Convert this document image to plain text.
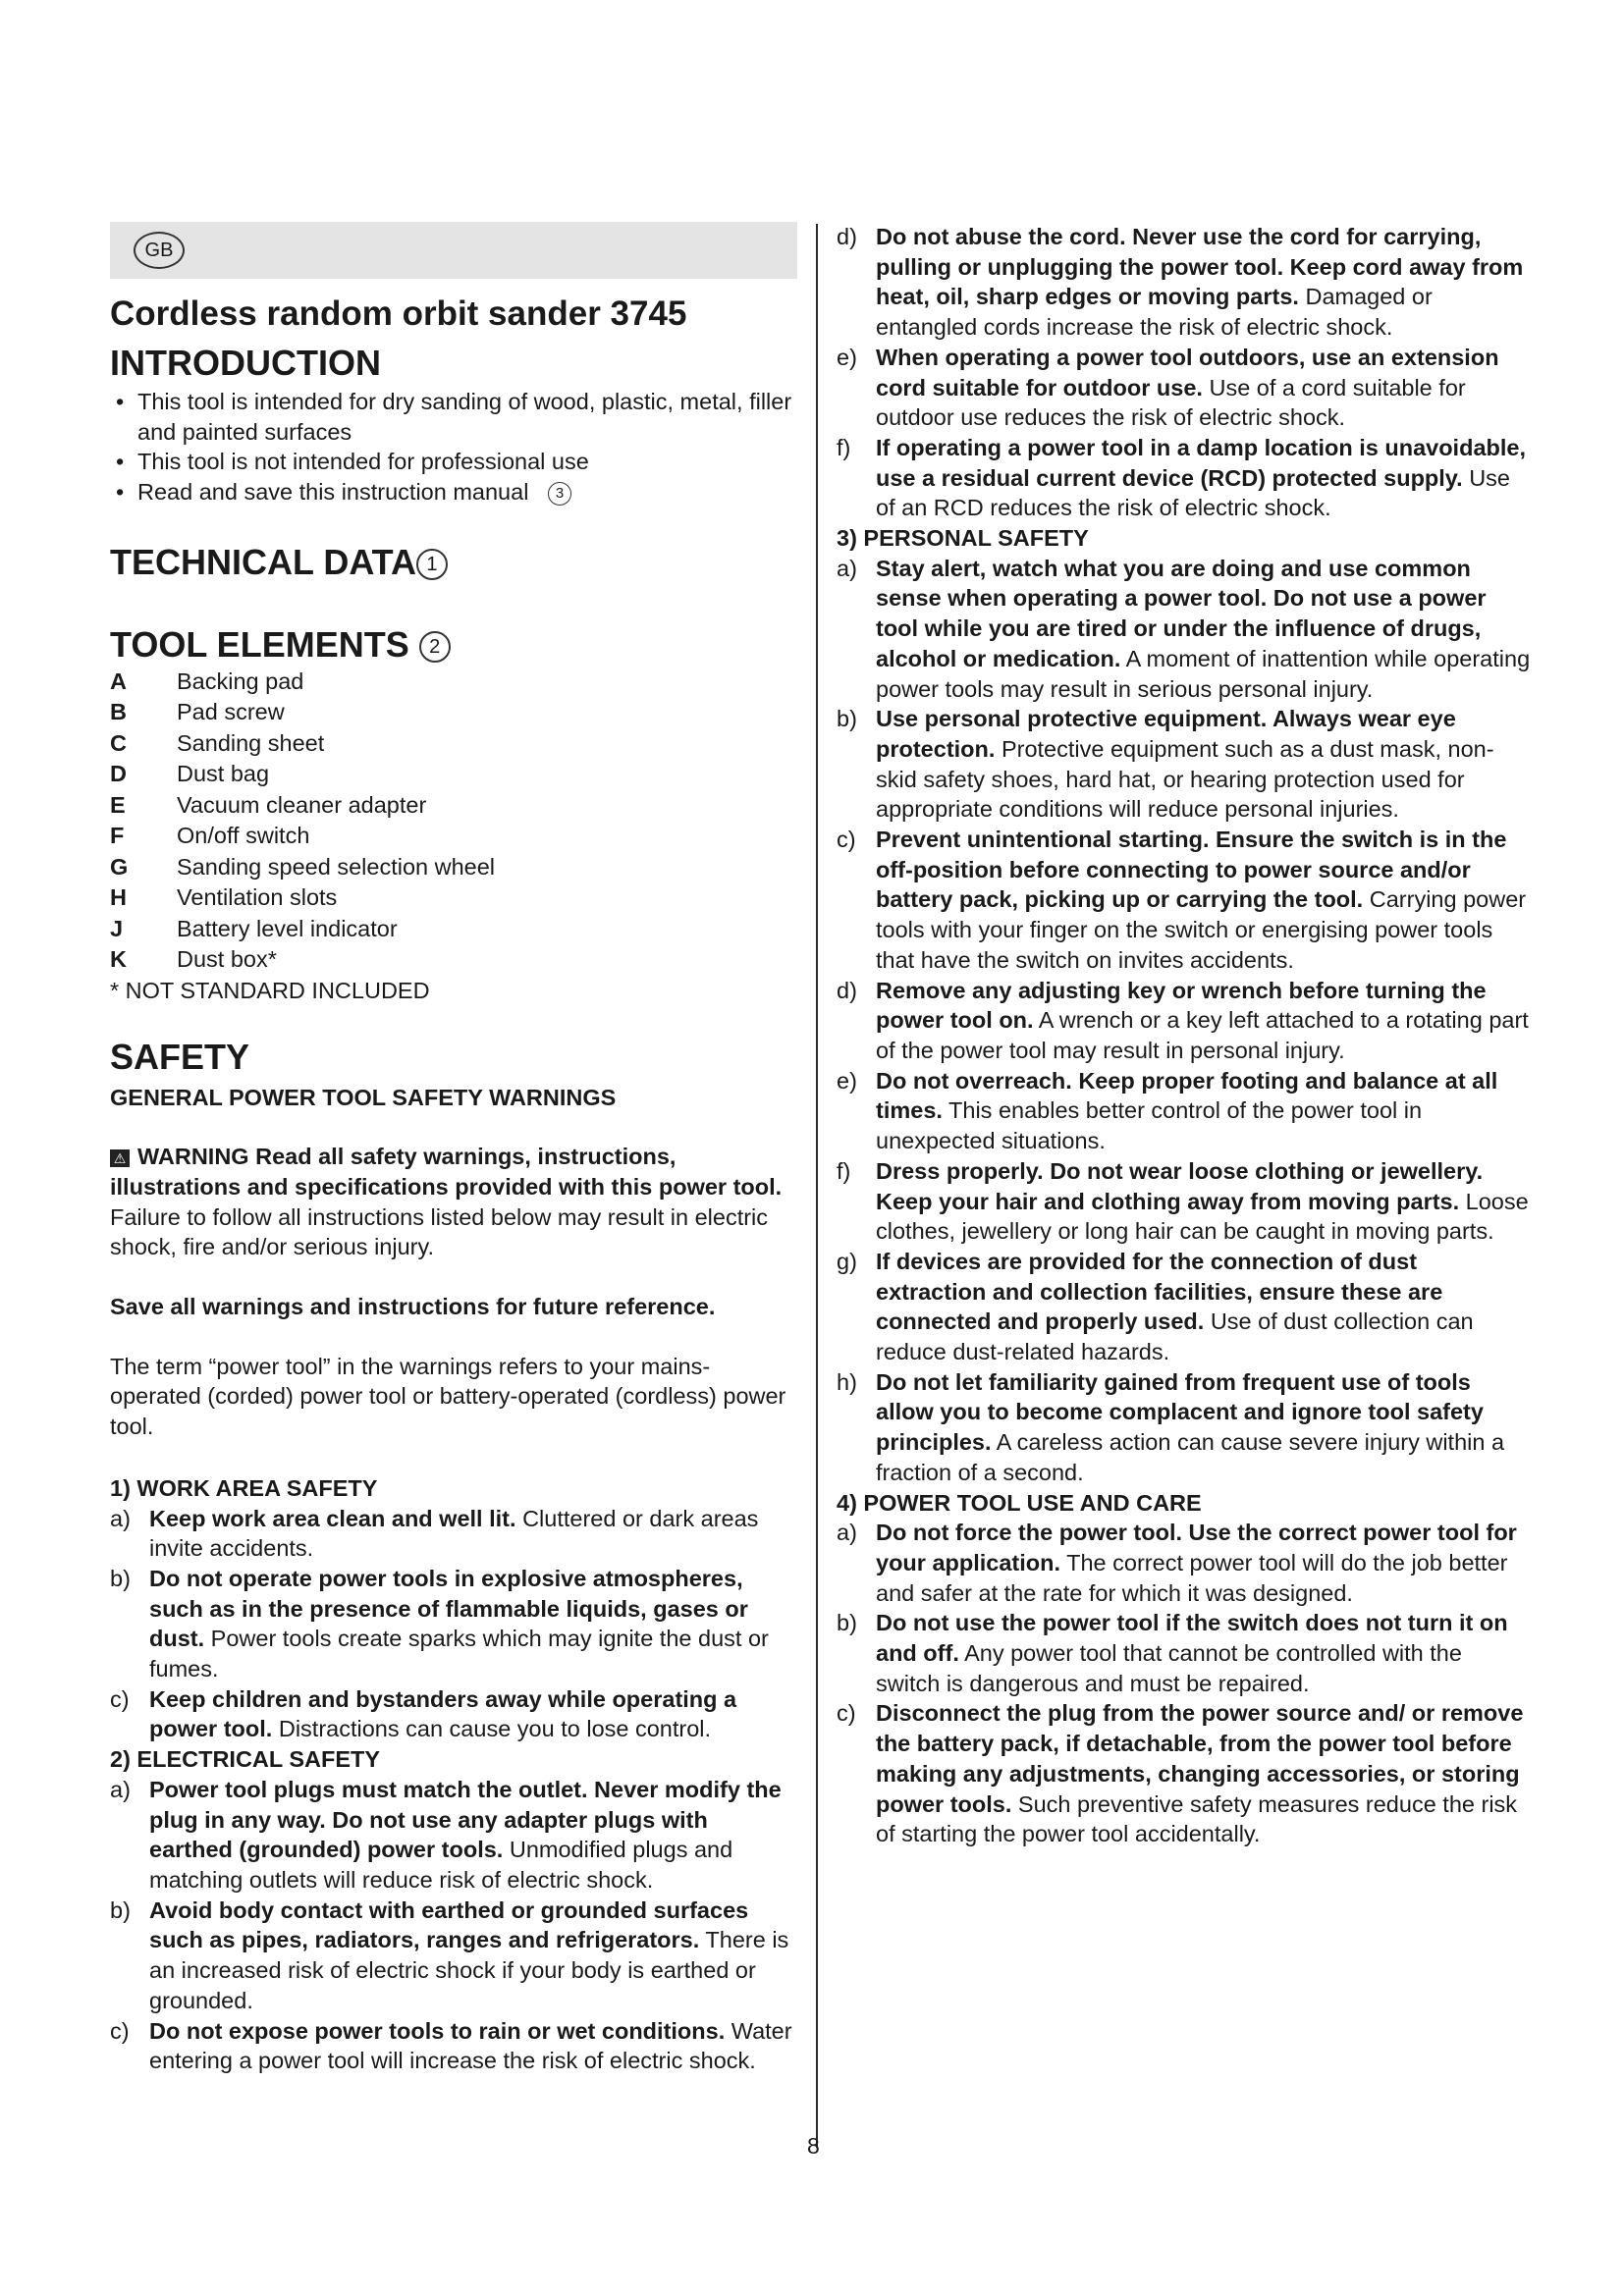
GB
Cordless random orbit sander 3745
INTRODUCTION
• This tool is intended for dry sanding of wood, plastic, metal, filler and painted surfaces
• This tool is not intended for professional use
• Read and save this instruction manual 3
TECHNICAL DATA 1
TOOL ELEMENTS 2
A	Backing pad
B	Pad screw
C	Sanding sheet
D	Dust bag
E	Vacuum cleaner adapter
F	On/off switch
G	Sanding speed selection wheel
H	Ventilation slots
J	Battery level indicator
K	Dust box*
* NOT STANDARD INCLUDED
SAFETY
GENERAL POWER TOOL SAFETY WARNINGS
⚠ WARNING Read all safety warnings, instructions, illustrations and specifications provided with this power tool. Failure to follow all instructions listed below may result in electric shock, fire and/or serious injury.
Save all warnings and instructions for future reference.
The term “power tool” in the warnings refers to your mains-operated (corded) power tool or battery-operated (cordless) power tool.
1) WORK AREA SAFETY
a) Keep work area clean and well lit. Cluttered or dark areas invite accidents.
b) Do not operate power tools in explosive atmospheres, such as in the presence of flammable liquids, gases or dust. Power tools create sparks which may ignite the dust or fumes.
c) Keep children and bystanders away while operating a power tool. Distractions can cause you to lose control.
2) ELECTRICAL SAFETY
a) Power tool plugs must match the outlet. Never modify the plug in any way. Do not use any adapter plugs with earthed (grounded) power tools. Unmodified plugs and matching outlets will reduce risk of electric shock.
b) Avoid body contact with earthed or grounded surfaces such as pipes, radiators, ranges and refrigerators. There is an increased risk of electric shock if your body is earthed or grounded.
c) Do not expose power tools to rain or wet conditions. Water entering a power tool will increase the risk of electric shock.
d) Do not abuse the cord. Never use the cord for carrying, pulling or unplugging the power tool. Keep cord away from heat, oil, sharp edges or moving parts. Damaged or entangled cords increase the risk of electric shock.
e) When operating a power tool outdoors, use an extension cord suitable for outdoor use. Use of a cord suitable for outdoor use reduces the risk of electric shock.
f) If operating a power tool in a damp location is unavoidable, use a residual current device (RCD) protected supply. Use of an RCD reduces the risk of electric shock.
3) PERSONAL SAFETY
a) Stay alert, watch what you are doing and use common sense when operating a power tool. Do not use a power tool while you are tired or under the influence of drugs, alcohol or medication. A moment of inattention while operating power tools may result in serious personal injury.
b) Use personal protective equipment. Always wear eye protection. Protective equipment such as a dust mask, non-skid safety shoes, hard hat, or hearing protection used for appropriate conditions will reduce personal injuries.
c) Prevent unintentional starting. Ensure the switch is in the off-position before connecting to power source and/or battery pack, picking up or carrying the tool. Carrying power tools with your finger on the switch or energising power tools that have the switch on invites accidents.
d) Remove any adjusting key or wrench before turning the power tool on. A wrench or a key left attached to a rotating part of the power tool may result in personal injury.
e) Do not overreach. Keep proper footing and balance at all times. This enables better control of the power tool in unexpected situations.
f) Dress properly. Do not wear loose clothing or jewellery. Keep your hair and clothing away from moving parts. Loose clothes, jewellery or long hair can be caught in moving parts.
g) If devices are provided for the connection of dust extraction and collection facilities, ensure these are connected and properly used. Use of dust collection can reduce dust-related hazards.
h) Do not let familiarity gained from frequent use of tools allow you to become complacent and ignore tool safety principles. A careless action can cause severe injury within a fraction of a second.
4) POWER TOOL USE AND CARE
a) Do not force the power tool. Use the correct power tool for your application. The correct power tool will do the job better and safer at the rate for which it was designed.
b) Do not use the power tool if the switch does not turn it on and off. Any power tool that cannot be controlled with the switch is dangerous and must be repaired.
c) Disconnect the plug from the power source and/ or remove the battery pack, if detachable, from the power tool before making any adjustments, changing accessories, or storing power tools. Such preventive safety measures reduce the risk of starting the power tool accidentally.
8
